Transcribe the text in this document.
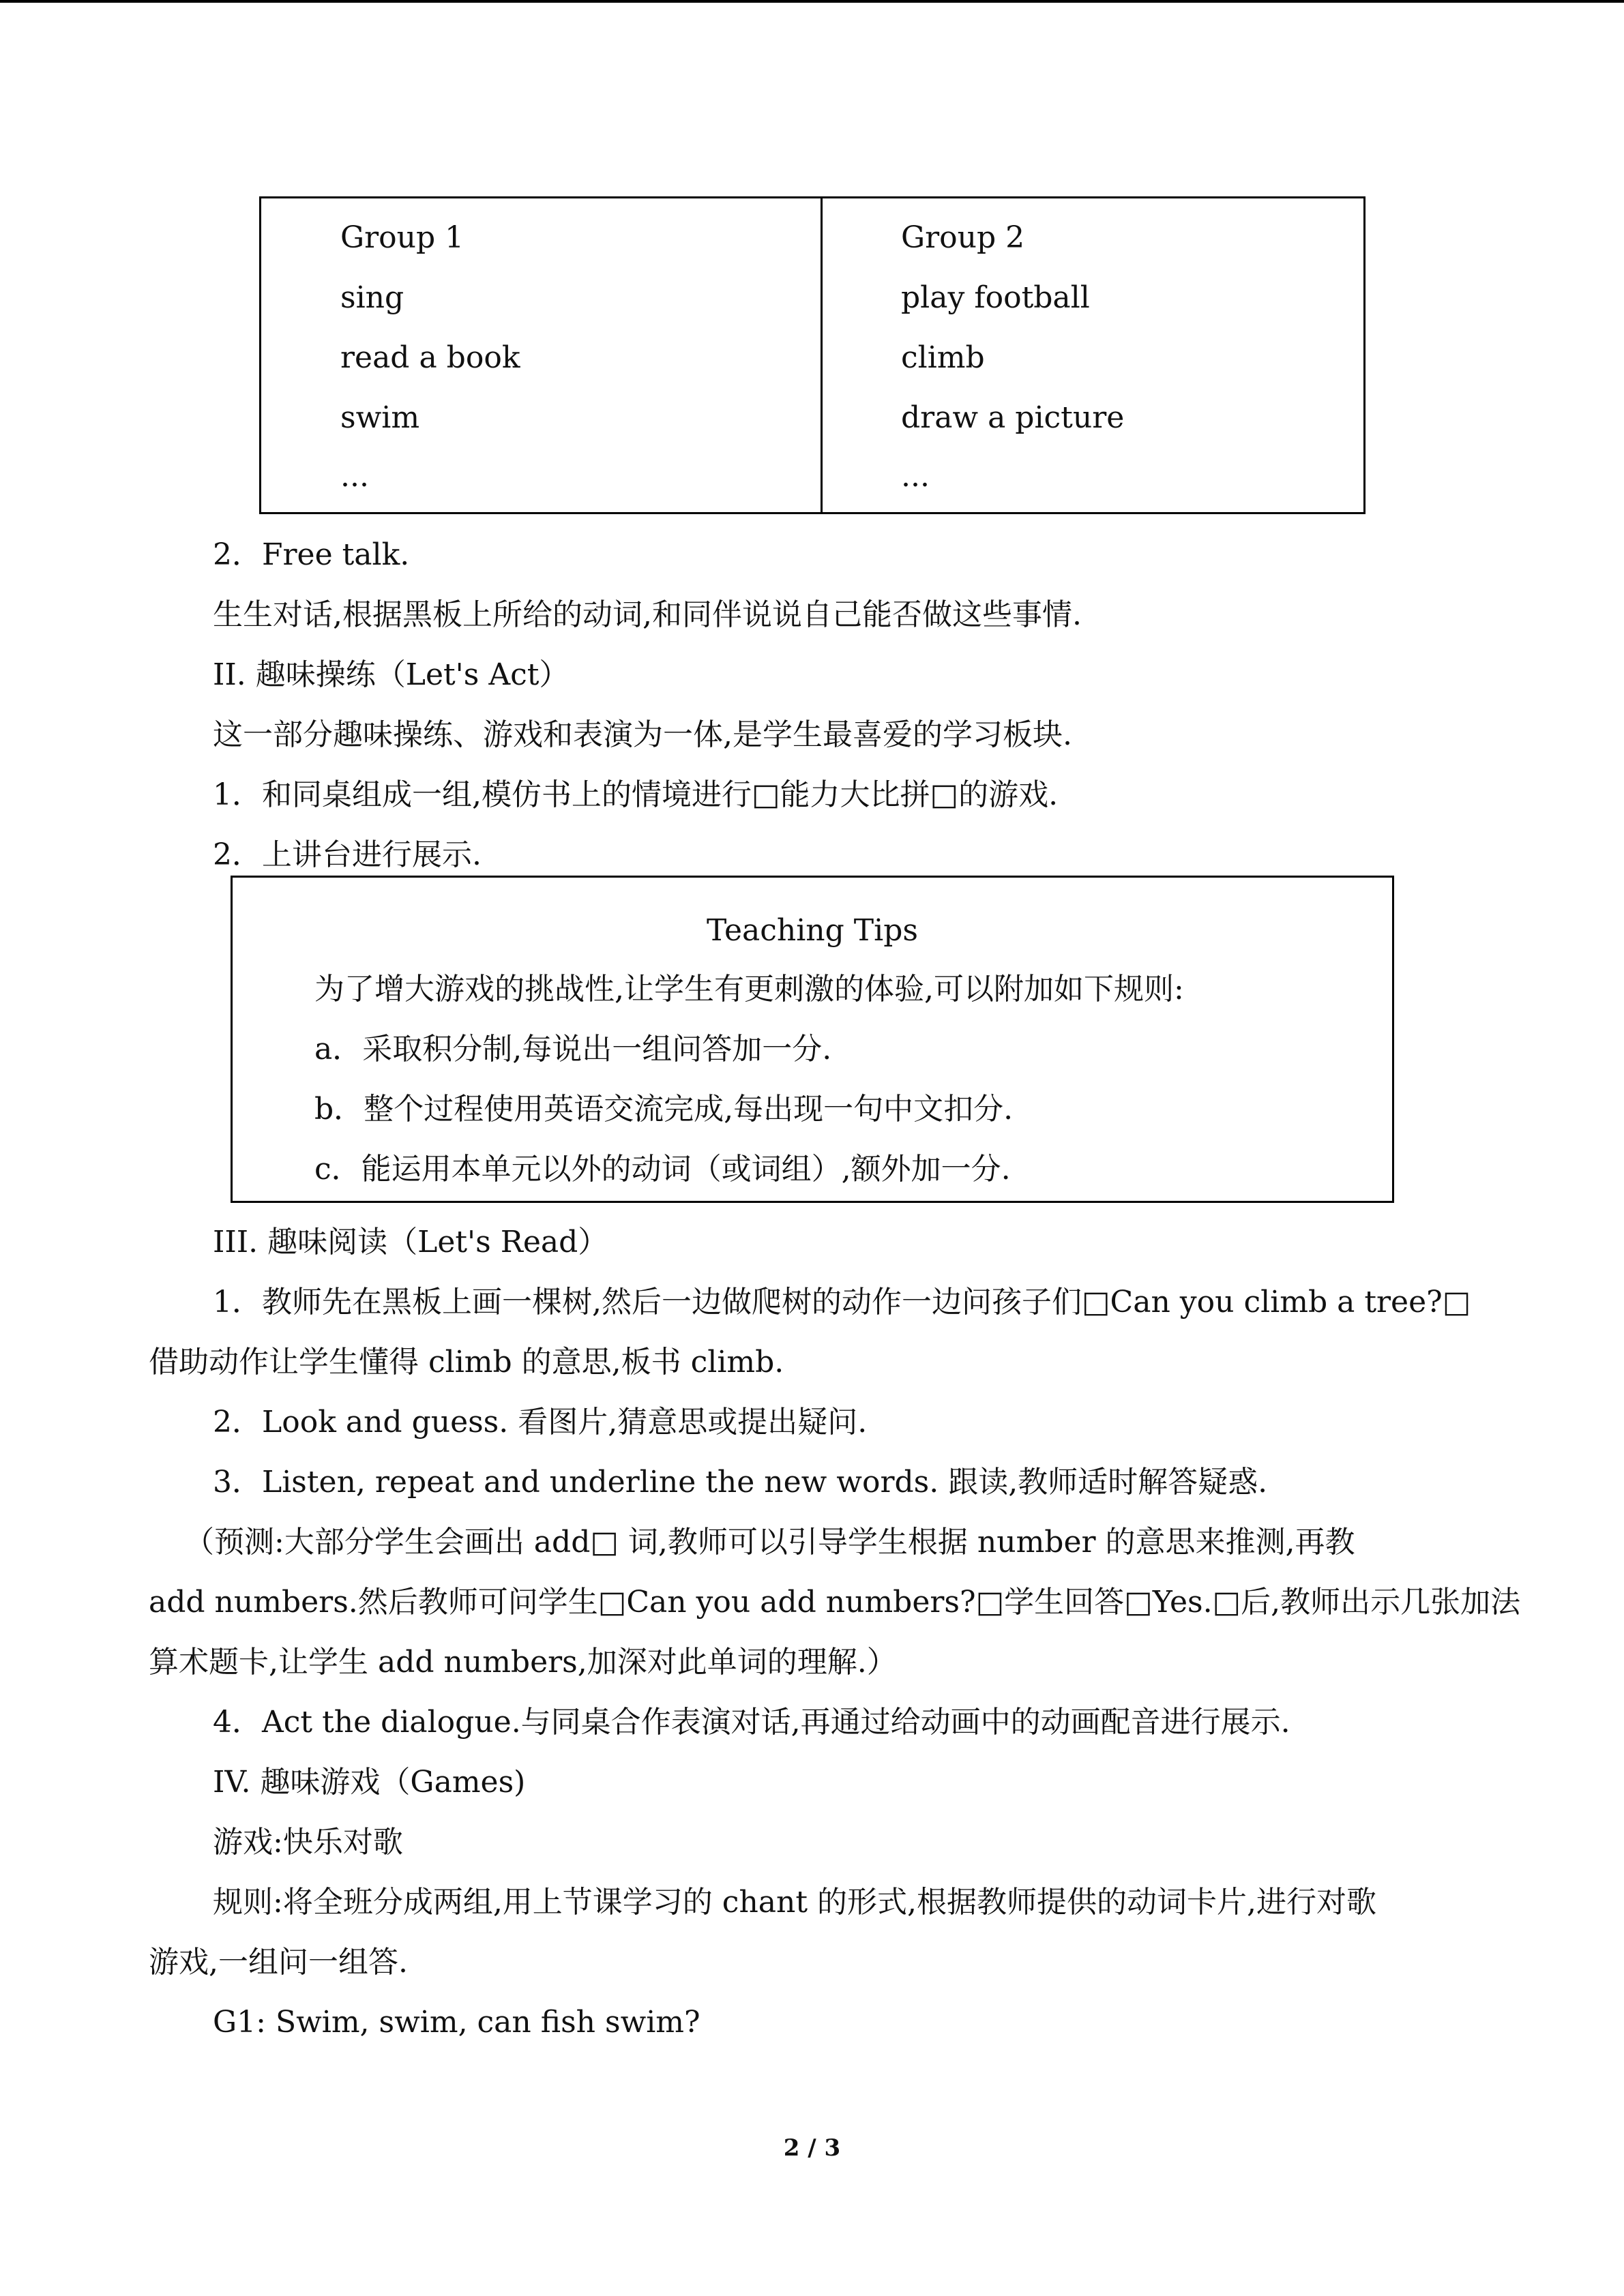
Group 1
sing
read a book
swim
...
Group 2
play football
climb
draw a picture
...
2．Free talk.
生生对话,根据黑板上所给的动词,和同伴说说自己能否做这些事情.
II. 趣味操练（Let's Act）
这一部分趣味操练、游戏和表演为一体,是学生最喜爱的学习板块.
1．和同桌组成一组,模仿书上的情境进行□能力大比拼□的游戏.
2．上讲台进行展示.
Teaching Tips
为了增大游戏的挑战性,让学生有更刺激的体验,可以附加如下规则:
a．采取积分制,每说出一组问答加一分.
b．整个过程使用英语交流完成,每出现一句中文扣分.
c．能运用本单元以外的动词（或词组）,额外加一分.
III. 趣味阅读（Let's Read）
1．教师先在黑板上画一棵树,然后一边做爬树的动作一边问孩子们□Can you climb a tree?□
借助动作让学生懂得 climb 的意思,板书 climb.
2．Look and guess. 看图片,猜意思或提出疑问.
3．Listen, repeat and underline the new words. 跟读,教师适时解答疑惑.
（预测:大部分学生会画出 add□ 词,教师可以引导学生根据 number 的意思来推测,再教
add numbers.然后教师可问学生□Can you add numbers?□学生回答□Yes.□后,教师出示几张加法
算术题卡,让学生 add numbers,加深对此单词的理解.）
4．Act the dialogue.与同桌合作表演对话,再通过给动画中的动画配音进行展示.
IV. 趣味游戏（Games)
游戏:快乐对歌
规则:将全班分成两组,用上节课学习的 chant 的形式,根据教师提供的动词卡片,进行对歌
游戏,一组问一组答.
G1: Swim, swim, can fish swim?
2 / 3
